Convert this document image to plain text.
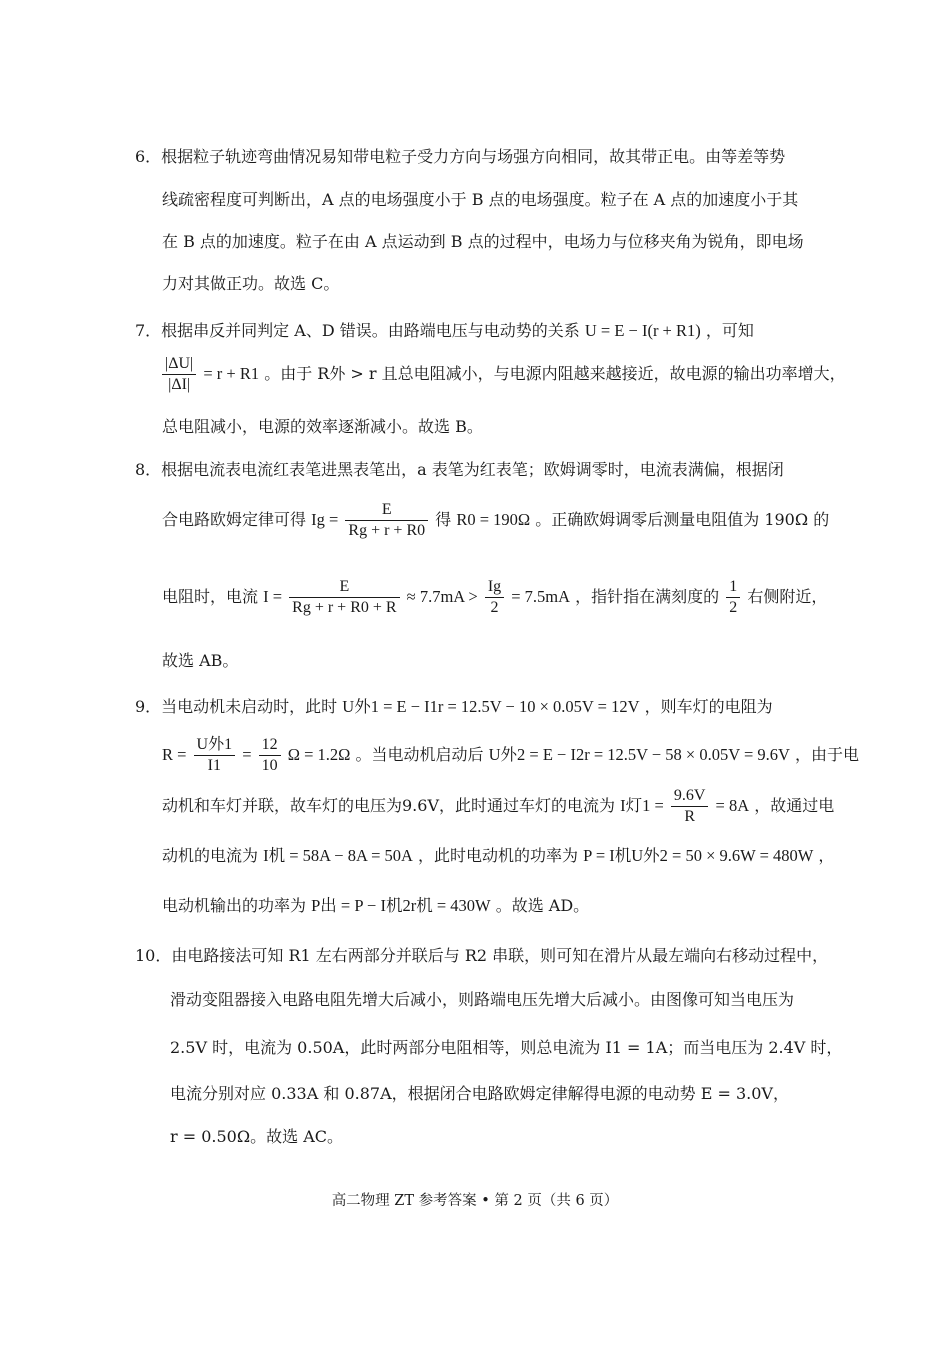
6．根据粒子轨迹弯曲情况易知带电粒子受力方向与场强方向相同，故其带正电。由等差等势
线疏密程度可判断出，A 点的电场强度小于 B 点的电场强度。粒子在 A 点的加速度小于其
在 B 点的加速度。粒子在由 A 点运动到 B 点的过程中，电场力与位移夹角为锐角，即电场
力对其做正功。故选 C。
7．根据串反并同判定 A、D 错误。由路端电压与电动势的关系 U = E − I(r + R1) ，可知
$\frac{|\Delta U|}{|\Delta I|} = r + R1$ 。由于 R外 > r 且总电阻减小，与电源内阻越来越接近，故电源的输出功率增大，
总电阻减小，电源的效率逐渐减小。故选 B。
8．根据电流表电流红表笔进黑表笔出，a 表笔为红表笔；欧姆调零时，电流表满偏，根据闭
合电路欧姆定律可得 $Ig = \frac{E}{Rg + r + R0}$ 得 R0 = 190Ω 。正确欧姆调零后测量电阻值为 190Ω 的
电阻时，电流 $I = \frac{E}{Rg + r + R0 + R} \approx 7.7mA > \frac{Ig}{2} = 7.5mA$ ，指针指在满刻度的 $\frac{1}{2}$ 右侧附近，
故选 AB。
9．当电动机未启动时，此时 U外1 = E − I1r = 12.5V − 10 × 0.05V = 12V ，则车灯的电阻为
$R = \frac{\text{U外1}}{I1} = \frac{12}{10}$ Ω = 1.2Ω 。当电动机启动后 U外2 = E − I2r = 12.5V − 58 × 0.05V = 9.6V ，由于电
动机和车灯并联，故车灯的电压为9.6V，此时通过车灯的电流为 I灯$1 = \frac{9.6V}{R} = 8A$ ，故通过电
动机的电流为 I机 = 58A − 8A = 50A ，此时电动机的功率为 P = I机U外2 = 50 × 9.6W = 480W ，
电动机输出的功率为 P出 = P − I机2r机 = 430W 。故选 AD。
10．由电路接法可知 R1 左右两部分并联后与 R2 串联，则可知在滑片从最左端向右移动过程中，
滑动变阻器接入电路电阻先增大后减小，则路端电压先增大后减小。由图像可知当电压为
2.5V 时，电流为 0.50A，此时两部分电阻相等，则总电流为 I1 = 1A；而当电压为 2.4V 时，
电流分别对应 0.33A 和 0.87A，根据闭合电路欧姆定律解得电源的电动势 E = 3.0V，
r = 0.50Ω。故选 AC。
高二物理 ZT 参考答案 • 第 2 页（共 6 页）
